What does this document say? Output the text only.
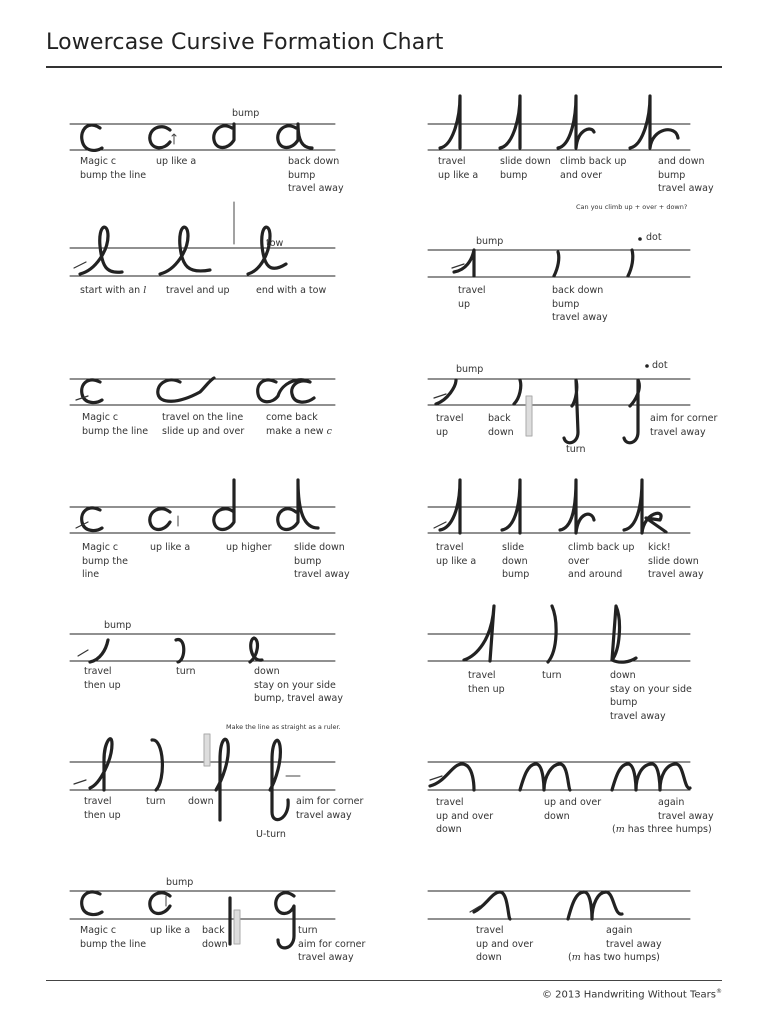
Lowercase Cursive Formation Chart
bump
Magic c
bump the line
up like a	back down
bump
travel away
tow
start with an l travel and up	end with a tow
Magic c
bump the line
travel on the line
slide up and over
come back
make a new c
Magic c
bump the
line
up like a	up higher slide down
bump
travel away
bump
travel
then up
turn	down
stay on your side
bump, travel away
Make the line as straight as a ruler.
travel
then up
turn down	aim for corner
travel away
U-turn
bump
Magic c
bump the line
up like a back
down
turn
aim for corner
travel away
travel
up like a
slide down
bump
climb back up
and over
and down
bump
travel away
Can you climb up + over + down?
bump	dot
travel
up
back down
bump
travel away
bump	dot
travel
up
back
down
turn
aim for corner
travel away
travel
up like a
slide
down
bump
climb back up
over
and around
kick!
slide down
travel away
travel
then up
turn	down
stay on your side
bump
travel away
travel
up and over
down
up and over
down
again
travel away
(m has three humps)
travel
up and over
down
again
travel away
(m has two humps)
© 2013 Handwriting Without Tears®
